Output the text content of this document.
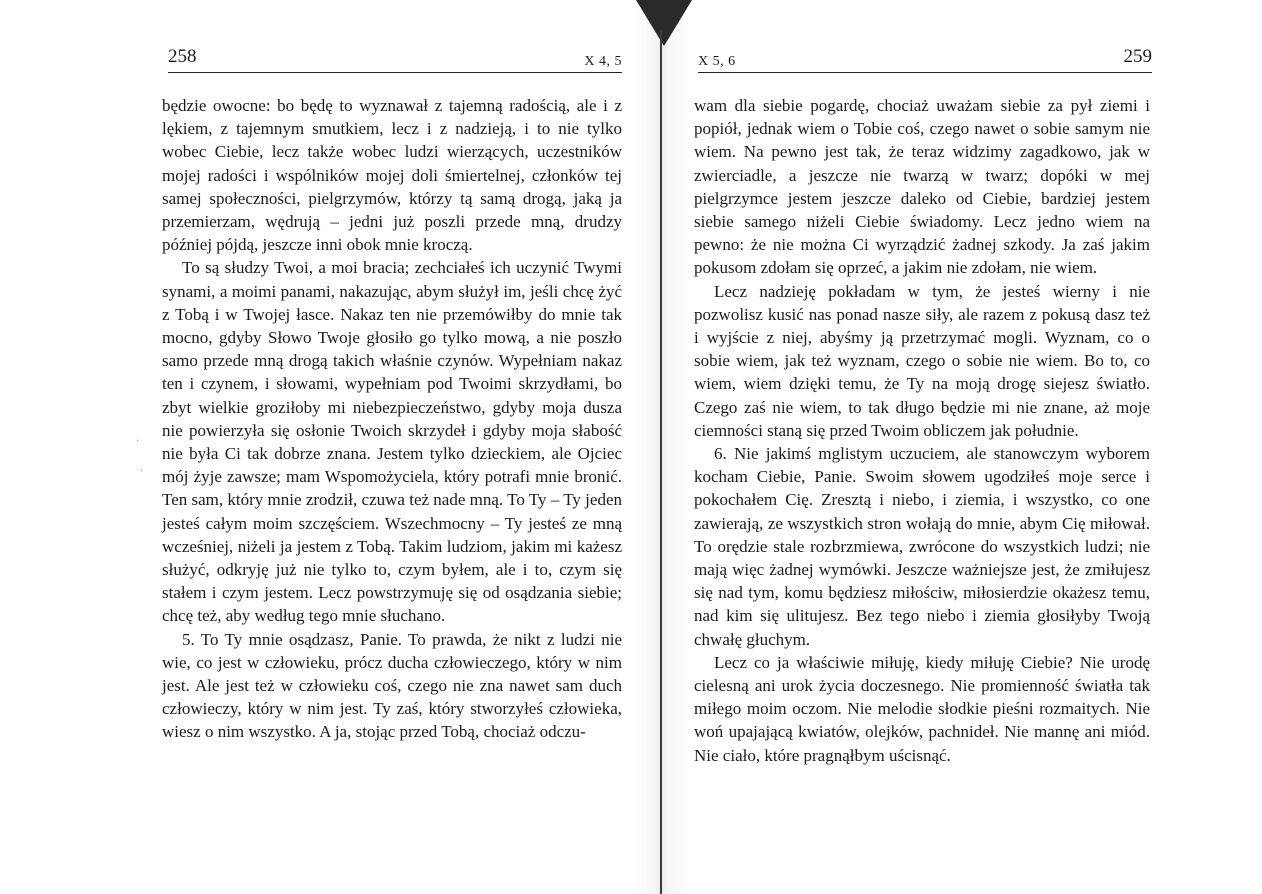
258	X 4, 5

będzie owocne: bo będę to wyznawał z tajemną radością, ale i z lękiem, z tajemnym smutkiem, lecz i z nadzieją, i to nie tylko wobec Ciebie, lecz także wobec ludzi wierzących, uczestników mojej radości i wspólników mojej doli śmiertelnej, członków tej samej społeczności, pielgrzymów, którzy tą samą drogą, jaką ja przemierzam, wędrują – jedni już poszli przede mną, drudzy później pójdą, jeszcze inni obok mnie kroczą.

To są słudzy Twoi, a moi bracia; zechciałeś ich uczynić Twymi synami, a moimi panami, nakazując, abym służył im, jeśli chcę żyć z Tobą i w Twojej łasce. Nakaz ten nie przemówiłby do mnie tak mocno, gdyby Słowo Twoje głosiło go tylko mową, a nie poszło samo przede mną drogą takich właśnie czynów. Wypełniam nakaz ten i czynem, i słowami, wypełniam pod Twoimi skrzydłami, bo zbyt wielkie groziłoby mi niebezpieczeństwo, gdyby moja dusza nie powierzyła się osłonie Twoich skrzydeł i gdyby moja słabość nie była Ci tak dobrze znana. Jestem tylko dzieckiem, ale Ojciec mój żyje zawsze; mam Wspomożyciela, który potrafi mnie bronić. Ten sam, który mnie zrodził, czuwa też nade mną. To Ty – Ty jeden jesteś całym moim szczęściem. Wszechmocny – Ty jesteś ze mną wcześniej, niżeli ja jestem z Tobą. Takim ludziom, jakim mi każesz służyć, odkryję już nie tylko to, czym byłem, ale i to, czym się stałem i czym jestem. Lecz powstrzymuję się od osądzania siebie; chcę też, aby według tego mnie słuchano.

5. To Ty mnie osądzasz, Panie. To prawda, że nikt z ludzi nie wie, co jest w człowieku, prócz ducha człowieczego, który w nim jest. Ale jest też w człowieku coś, czego nie zna nawet sam duch człowieczy, który w nim jest. Ty zaś, który stworzyłeś człowieka, wiesz o nim wszystko. A ja, stojąc przed Tobą, chociaż odczu-

X 5, 6	259

wam dla siebie pogardę, chociaż uważam siebie za pył ziemi i popiół, jednak wiem o Tobie coś, czego nawet o sobie samym nie wiem. Na pewno jest tak, że teraz widzimy zagadkowo, jak w zwierciadle, a jeszcze nie twarzą w twarz; dopóki w mej pielgrzymce jestem jeszcze daleko od Ciebie, bardziej jestem siebie samego niżeli Ciebie świadomy. Lecz jedno wiem na pewno: że nie można Ci wyrządzić żadnej szkody. Ja zaś jakim pokusom zdołam się oprzeć, a jakim nie zdołam, nie wiem.

Lecz nadzieję pokładam w tym, że jesteś wierny i nie pozwolisz kusić nas ponad nasze siły, ale razem z pokusą dasz też i wyjście z niej, abyśmy ją przetrzymać mogli. Wyznam, co o sobie wiem, jak też wyznam, czego o sobie nie wiem. Bo to, co wiem, wiem dzięki temu, że Ty na moją drogę siejesz światło. Czego zaś nie wiem, to tak długo będzie mi nie znane, aż moje ciemności staną się przed Twoim obliczem jak południe.

6. Nie jakimś mglistym uczuciem, ale stanowczym wyborem kocham Ciebie, Panie. Swoim słowem ugodziłeś moje serce i pokochałem Cię. Zresztą i niebo, i ziemia, i wszystko, co one zawierają, ze wszystkich stron wołają do mnie, abym Cię miłował. To orędzie stale rozbrzmiewa, zwrócone do wszystkich ludzi; nie mają więc żadnej wymówki. Jeszcze ważniejsze jest, że zmiłujesz się nad tym, komu będziesz miłościw, miłosierdzie okażesz temu, nad kim się ulitujesz. Bez tego niebo i ziemia głosiłyby Twoją chwałę głuchym.

Lecz co ja właściwie miłuję, kiedy miłuję Ciebie? Nie urodę cielesną ani urok życia doczesnego. Nie promienność światła tak miłego moim oczom. Nie melodie słodkie pieśni rozmaitych. Nie woń upajającą kwiatów, olejków, pachnideł. Nie mannę ani miód. Nie ciało, które pragnąłbym uścisnąć.

·
·
